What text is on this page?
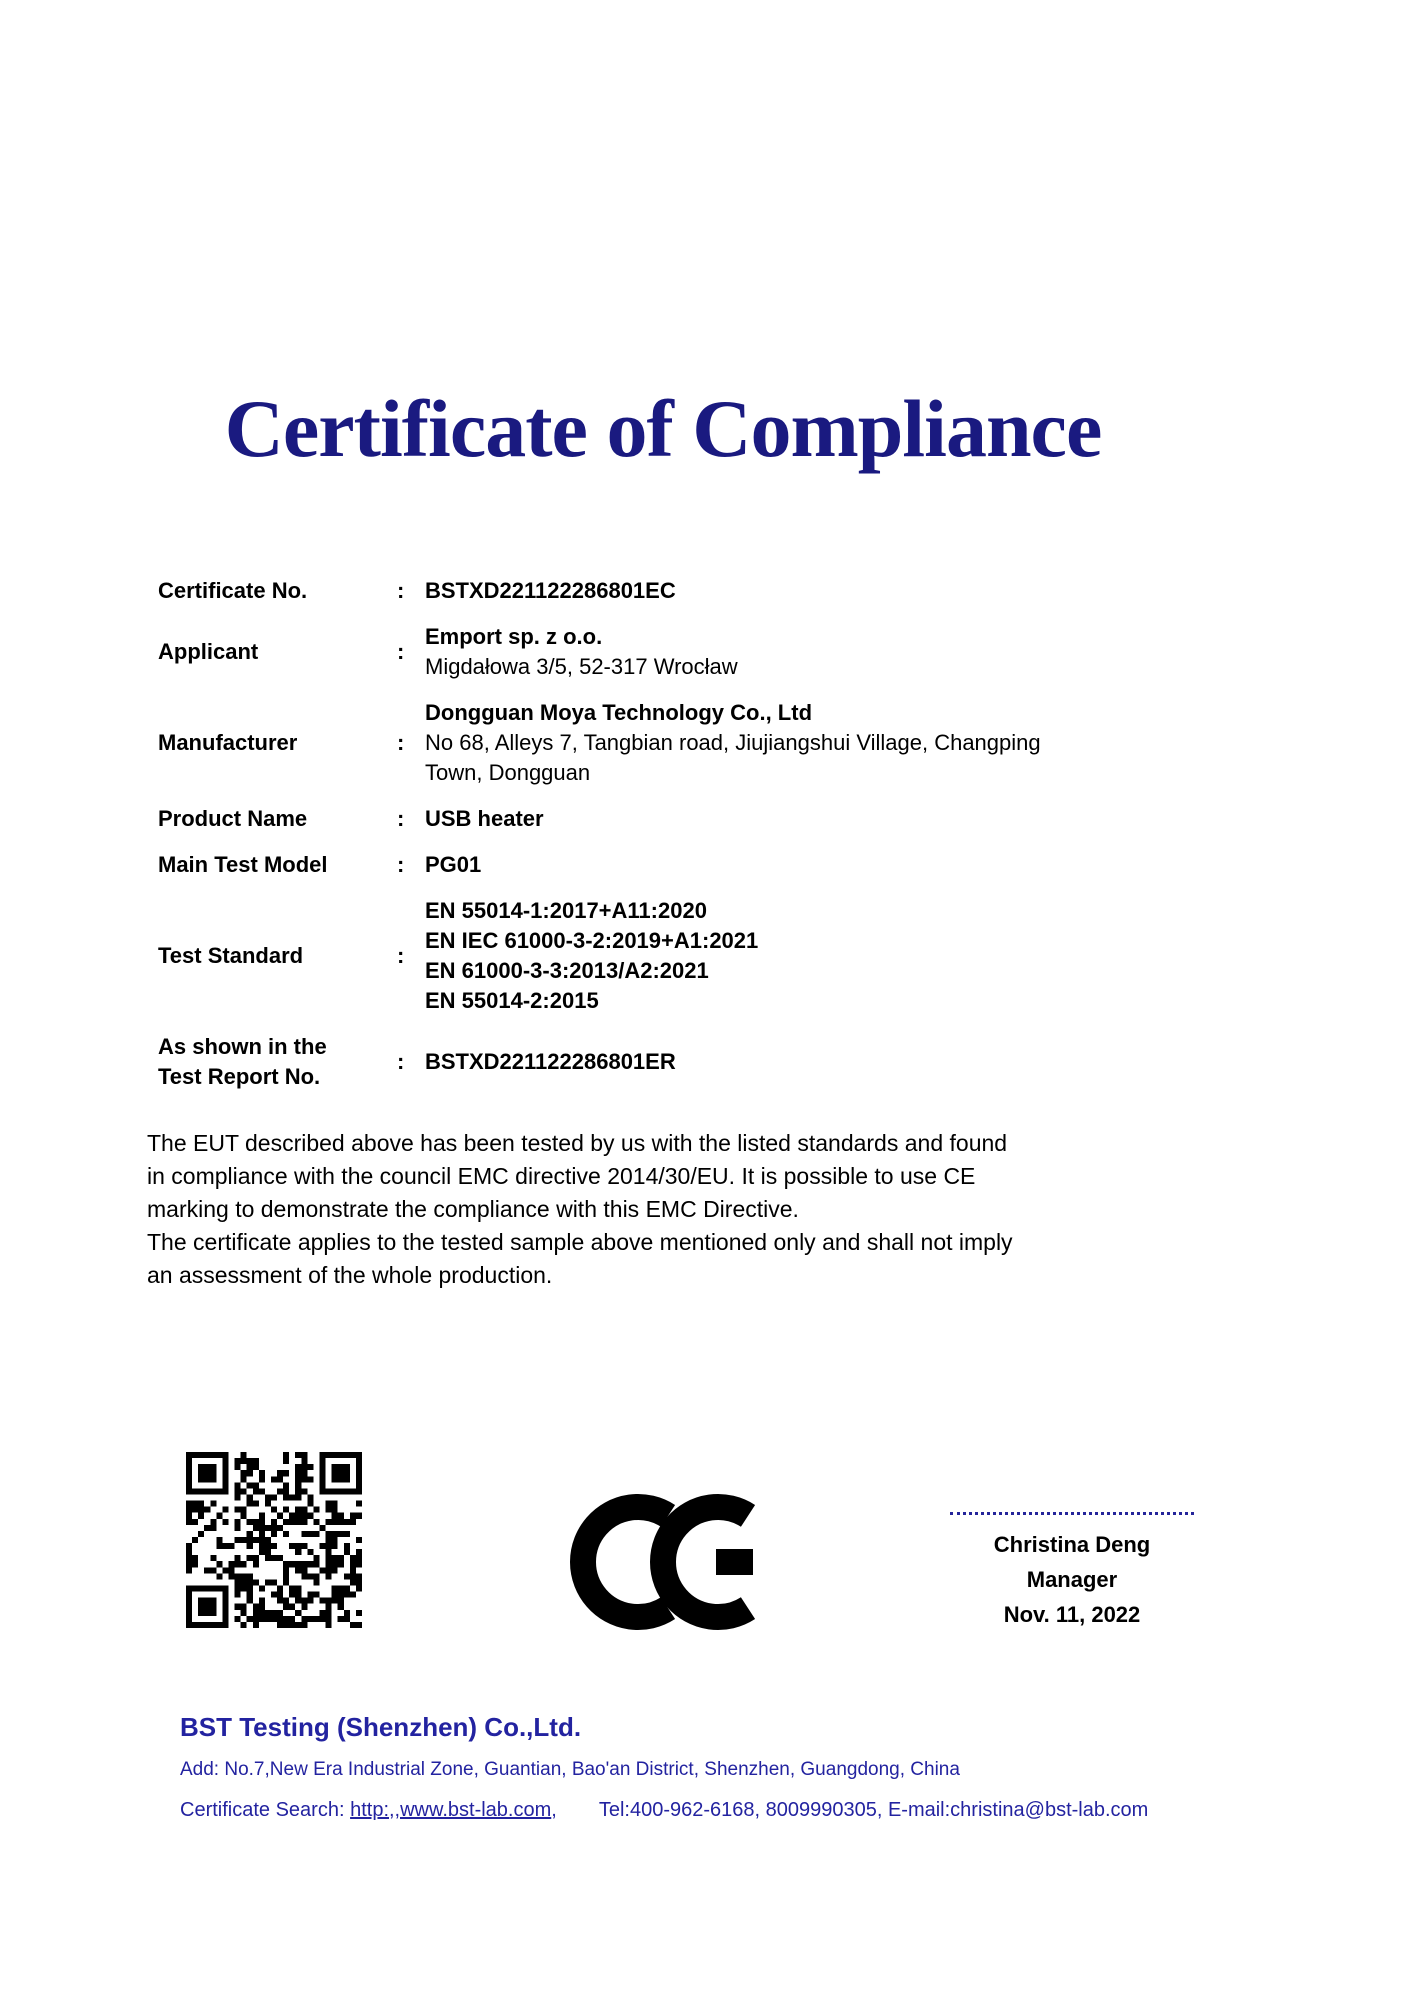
Certificate of Compliance
Certificate No.	: BSTXD221122286801EC
Applicant	:
Emport sp. z o.o.
Migdałowa 3/5, 52-317 Wrocław
Manufacturer	:
Dongguan Moya Technology Co., Ltd
No 68, Alleys 7, Tangbian road, Jiujiangshui Village, Changping
Town, Dongguan
Product Name	: USB heater
Main Test Model	: PG01
Test Standard	:
EN 55014-1:2017+A11:2020
EN IEC 61000-3-2:2019+A1:2021
EN 61000-3-3:2013/A2:2021
EN 55014-2:2015
As shown in the
Test Report No.
: BSTXD221122286801ER
The EUT described above has been tested by us with the listed standards and found
in compliance with the council EMC directive 2014/30/EU. It is possible to use CE
marking to demonstrate the compliance with this EMC Directive.
The certificate applies to the tested sample above mentioned only and shall not imply
an assessment of the whole production.
Christina Deng
Manager
Nov. 11, 2022
BST Testing (Shenzhen) Co.,Ltd.
Add: No.7,New Era Industrial Zone, Guantian, Bao'an District, Shenzhen, Guangdong, China
Certificate Search: http:,,www.bst-lab.com, Tel:400-962-6168, 8009990305, E-mail:christina@bst-lab.com
